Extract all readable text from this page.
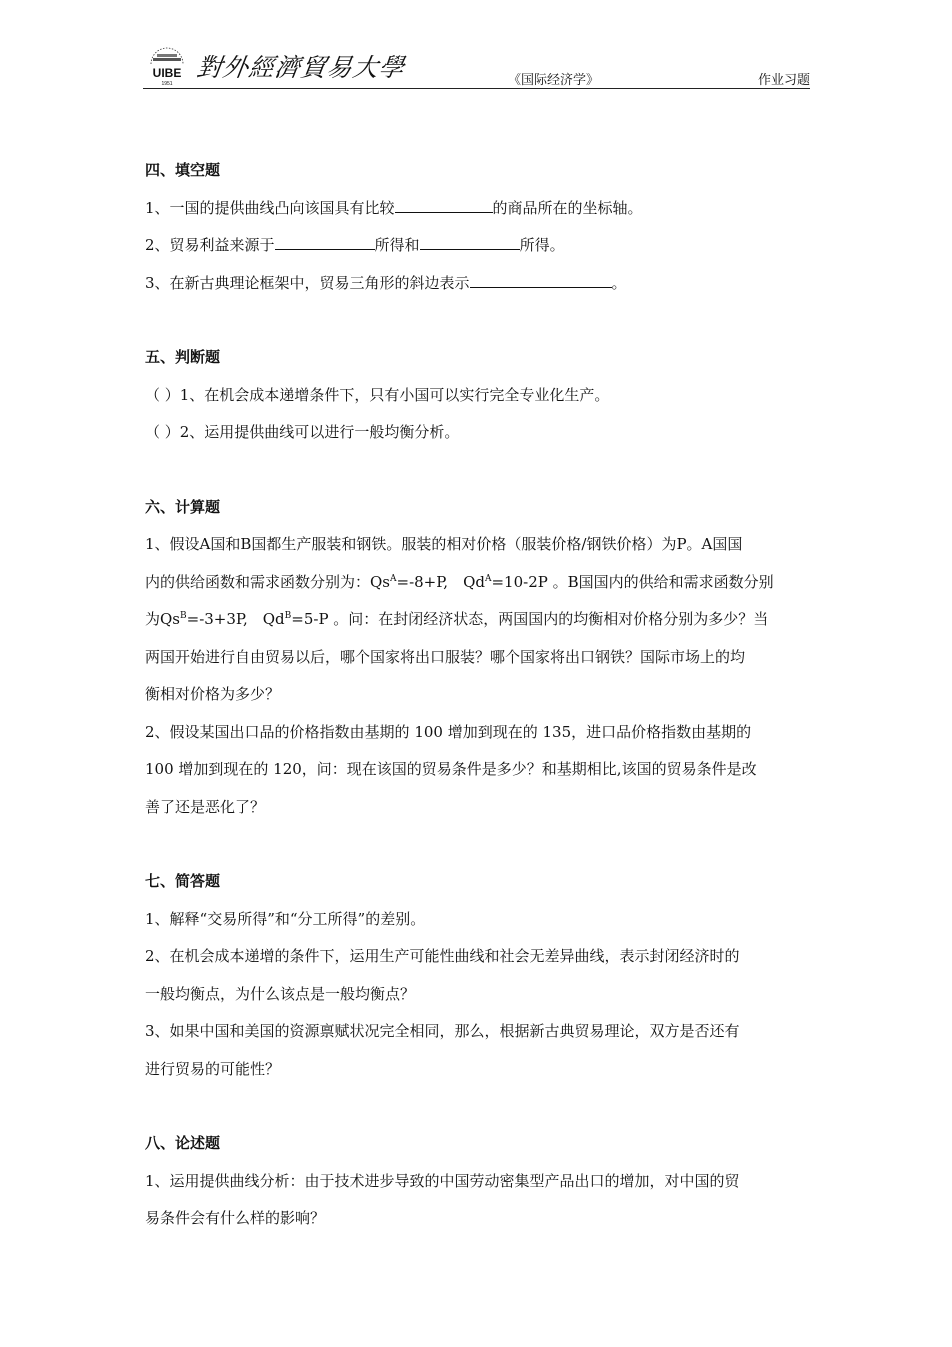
UIBE
1951
對外經濟貿易大學	《国际经济学》	作业习题

四、填空题

1、一国的提供曲线凸向该国具有比较	的商品所在的坐标轴。

2、贸易利益来源于	所得和	所得。

3、在新古典理论框架中，贸易三角形的斜边表示	。

五、判断题

（ ）1、在机会成本递增条件下，只有小国可以实行完全专业化生产。

（ ）2、运用提供曲线可以进行一般均衡分析。

六、计算题

1、假设A国和B国都生产服装和钢铁。服装的相对价格（服装价格/钢铁价格）为P。A国国

内的供给函数和需求函数分别为：$Qs^A=-8+P$,　$Qd^A=10-2P$ 。B国国内的供给和需求函数分别

为$Qs^B=-3+3P$,　$Qd^B=5-P$ 。问：在封闭经济状态，两国国内的均衡相对价格分别为多少？当

两国开始进行自由贸易以后，哪个国家将出口服装？哪个国家将出口钢铁？国际市场上的均

衡相对价格为多少？

2、假设某国出口品的价格指数由基期的 100 增加到现在的 135，进口品价格指数由基期的

100 增加到现在的 120，问：现在该国的贸易条件是多少？和基期相比,该国的贸易条件是改

善了还是恶化了？

七、简答题

1、解释“交易所得”和“分工所得”的差别。

2、在机会成本递增的条件下，运用生产可能性曲线和社会无差异曲线，表示封闭经济时的

一般均衡点，为什么该点是一般均衡点？

3、如果中国和美国的资源禀赋状况完全相同，那么，根据新古典贸易理论，双方是否还有

进行贸易的可能性？

八、论述题

1、运用提供曲线分析：由于技术进步导致的中国劳动密集型产品出口的增加，对中国的贸

易条件会有什么样的影响？
